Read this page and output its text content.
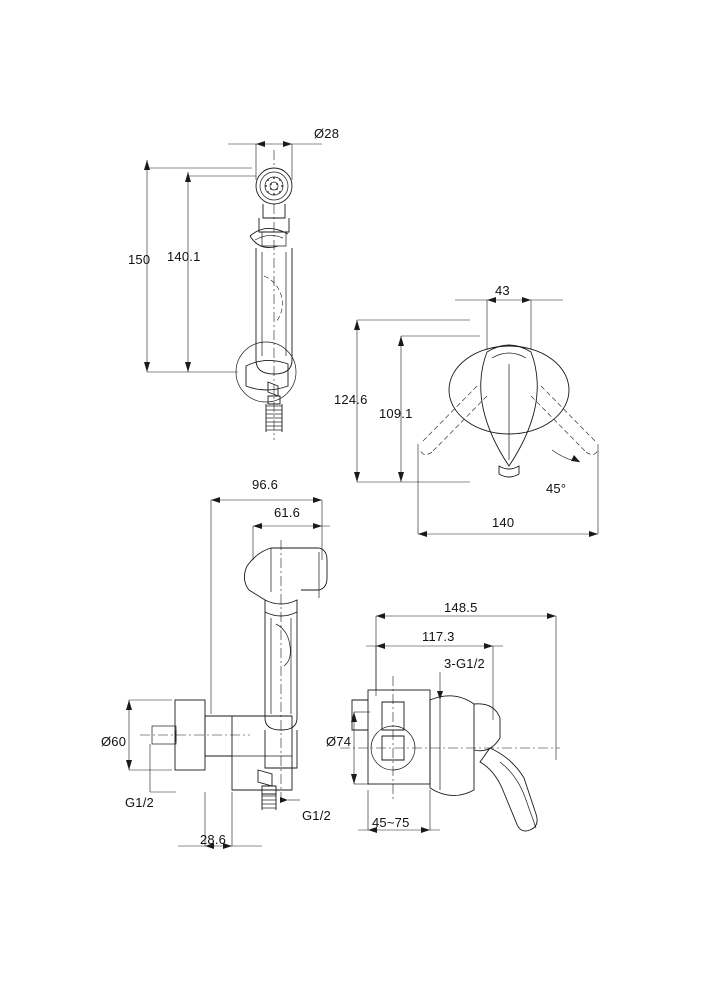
Ø28
150 140.1
43
124.6
109.1
45°
140
96.6
61.6
Ø60
G1/2
G1/2
28.6
148.5
117.3
3-G1/2
Ø74
45~75
